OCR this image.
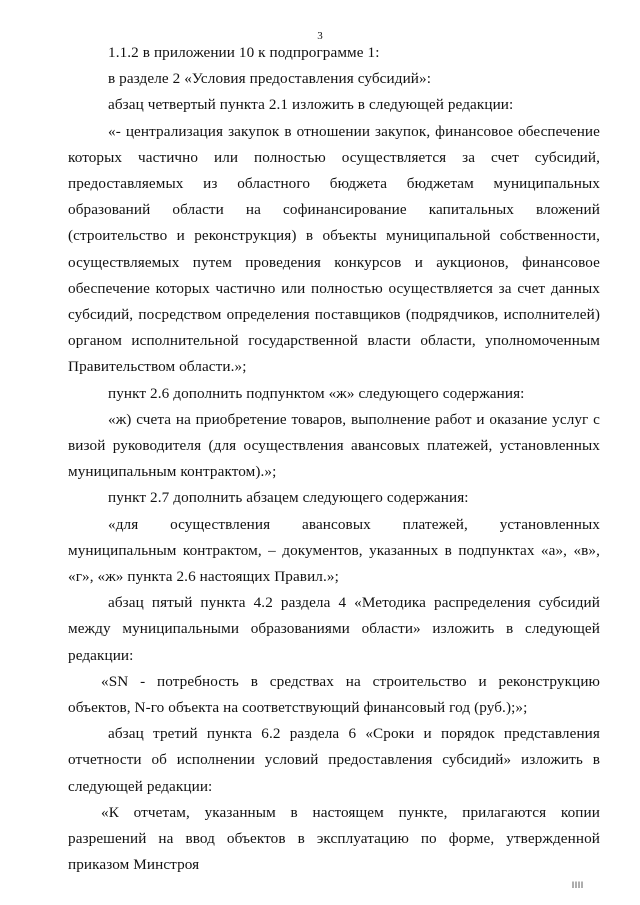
3

1.1.2 в приложении 10 к подпрограмме 1:

в разделе 2 «Условия предоставления субсидий»:

абзац четвертый пункта 2.1 изложить в следующей редакции:

«- централизация закупок в отношении закупок, финансовое обеспечение которых частично или полностью осуществляется за счет субсидий, предоставляемых из областного бюджета бюджетам муниципальных образований области на софинансирование капитальных вложений (строительство и реконструкция) в объекты муниципальной собственности, осуществляемых путем проведения конкурсов и аукционов, финансовое обеспечение которых частично или полностью осуществляется за счет данных субсидий, посредством определения поставщиков (подрядчиков, исполнителей) органом исполнительной государственной власти области, уполномоченным Правительством области.»;

пункт 2.6 дополнить подпунктом «ж» следующего содержания:

«ж) счета на приобретение товаров, выполнение работ и оказание услуг с визой руководителя (для осуществления авансовых платежей, установленных муниципальным контрактом).»;

пункт 2.7 дополнить абзацем следующего содержания:

«для осуществления авансовых платежей, установленных муниципальным контрактом, – документов, указанных в подпунктах «а», «в», «г», «ж» пункта 2.6 настоящих Правил.»;

абзац пятый пункта 4.2 раздела 4 «Методика распределения субсидий между муниципальными образованиями области» изложить в следующей редакции:

«SN - потребность в средствах на строительство и реконструкцию объектов, N-го объекта на соответствующий финансовый год (руб.);»;

абзац третий пункта 6.2 раздела 6 «Сроки и порядок представления отчетности об исполнении условий предоставления субсидий» изложить в следующей редакции:

«К отчетам, указанным в настоящем пункте, прилагаются копии разрешений на ввод объектов в эксплуатацию по форме, утвержденной приказом Минстроя

llll
